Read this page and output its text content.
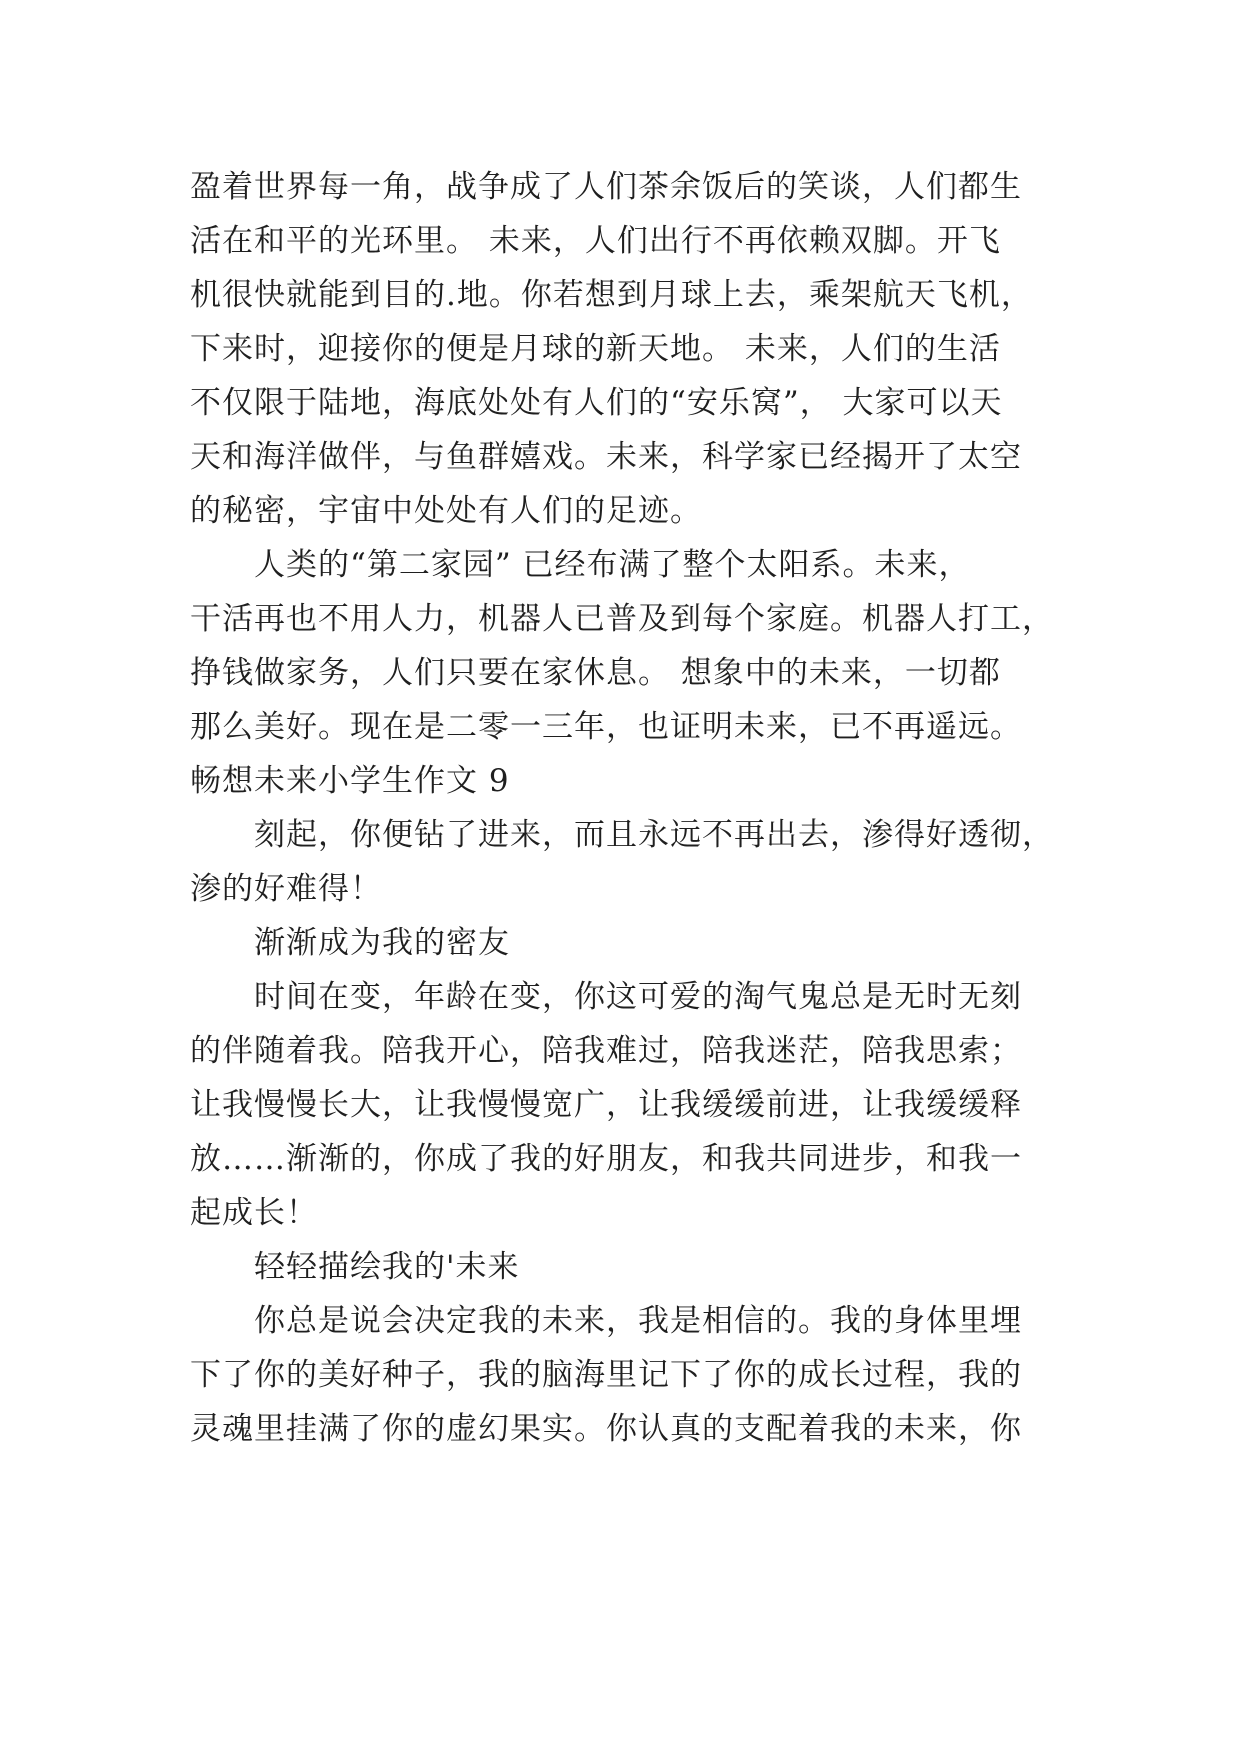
盈着世界每一角，战争成了人们茶余饭后的笑谈，人们都生
活在和平的光环里。 未来，人们出行不再依赖双脚。开飞
机很快就能到目的.地。你若想到月球上去，乘架航天飞机，
下来时，迎接你的便是月球的新天地。 未来，人们的生活
不仅限于陆地，海底处处有人们的“安乐窝”， 大家可以天
天和海洋做伴，与鱼群嬉戏。未来，科学家已经揭开了太空
的秘密，宇宙中处处有人们的足迹。
人类的“第二家园” 已经布满了整个太阳系。未来，
干活再也不用人力，机器人已普及到每个家庭。机器人打工，
挣钱做家务，人们只要在家休息。 想象中的未来，一切都
那么美好。现在是二零一三年，也证明未来，已不再遥远。
畅想未来小学生作文 9
刻起，你便钻了进来，而且永远不再出去，渗得好透彻，
渗的好难得！
渐渐成为我的密友
时间在变，年龄在变，你这可爱的淘气鬼总是无时无刻
的伴随着我。陪我开心，陪我难过，陪我迷茫，陪我思索；
让我慢慢长大，让我慢慢宽广，让我缓缓前进，让我缓缓释
放……渐渐的，你成了我的好朋友，和我共同进步，和我一
起成长！
轻轻描绘我的'未来
你总是说会决定我的未来，我是相信的。我的身体里埋
下了你的美好种子，我的脑海里记下了你的成长过程，我的
灵魂里挂满了你的虚幻果实。你认真的支配着我的未来，你
